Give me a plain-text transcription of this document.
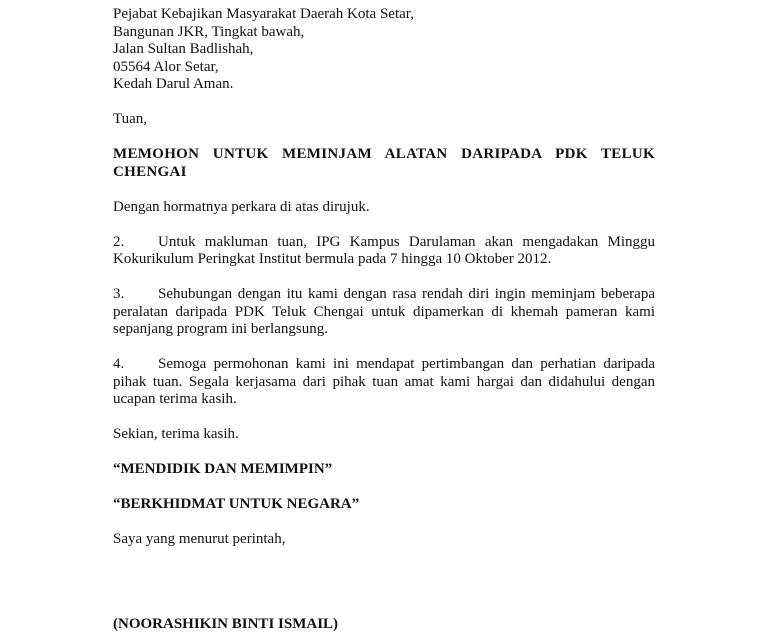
Pejabat Kebajikan Masyarakat Daerah Kota Setar,
Bangunan JKR, Tingkat bawah,
Jalan Sultan Badlishah,
05564 Alor Setar,
Kedah Darul Aman.
Tuan,
MEMOHON UNTUK MEMINJAM ALATAN DARIPADA PDK TELUK CHENGAI
Dengan hormatnya perkara di atas dirujuk.
2. Untuk makluman tuan, IPG Kampus Darulaman akan mengadakan Minggu Kokurikulum Peringkat Institut bermula pada 7 hingga 10 Oktober 2012.
3. Sehubungan dengan itu kami dengan rasa rendah diri ingin meminjam beberapa peralatan daripada PDK Teluk Chengai untuk dipamerkan di khemah pameran kami sepanjang program ini berlangsung.
4. Semoga permohonan kami ini mendapat pertimbangan dan perhatian daripada pihak tuan. Segala kerjasama dari pihak tuan amat kami hargai dan didahului dengan ucapan terima kasih.
Sekian, terima kasih.
“MENDIDIK DAN MEMIMPIN”
“BERKHIDMAT UNTUK NEGARA”
Saya yang menurut perintah,
(NOORASHIKIN BINTI ISMAIL)
